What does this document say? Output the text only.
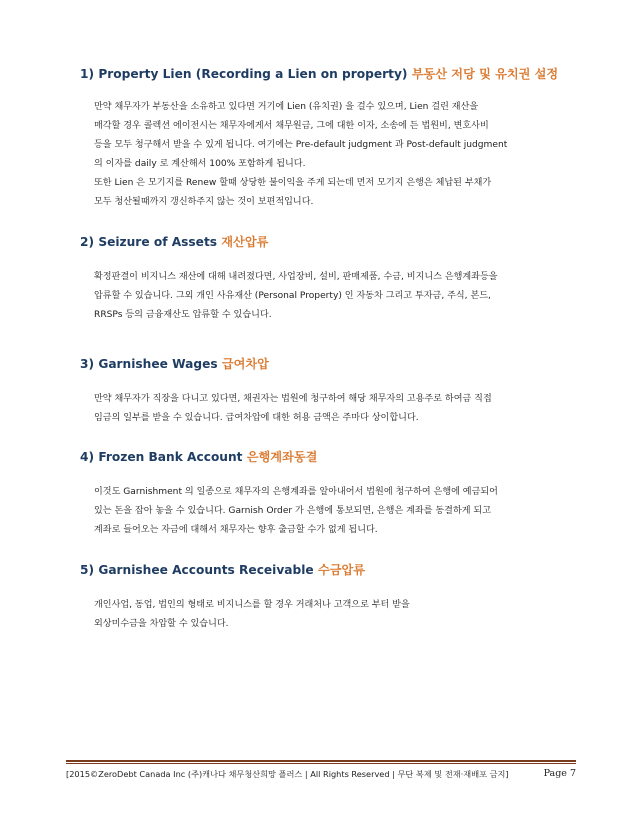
1) Property Lien (Recording a Lien on property) 부동산 저당 및 유치권 설정

만약 채무자가 부동산을 소유하고 있다면 거기에 Lien (유치권) 을 걸수 있으며, Lien 걸린 재산을
매각할 경우 콜렉션 에이전시는 채무자에게서 채무원금, 그에 대한 이자, 소송에 든 법원비, 변호사비
등을 모두 청구해서 받을 수 있게 됩니다. 여기에는 Pre-default judgment 과 Post-default judgment
의 이자를 daily 로 계산해서 100% 포함하게 됩니다.
또한 Lien 은 모기지를 Renew 할때 상당한 불이익을 주게 되는데 먼저 모기지 은행은 체납된 부채가
모두 청산될때까지 갱신하주지 않는 것이 보편적입니다.

2) Seizure of Assets 재산압류

확정판결이 비지니스 재산에 대해 내려졌다면, 사업장비, 설비, 판매제품, 수금, 비지니스 은행계좌등을
압류할 수 있습니다. 그외 개인 사유재산 (Personal Property) 인 자동차 그리고 투자금, 주식, 본드,
RRSPs 등의 금융재산도 압류할 수 있습니다.

3) Garnishee Wages 급여차압

만약 채무자가 직장을 다니고 있다면, 채권자는 법원에 청구하여 해당 채무자의 고용주로 하여금 직접
임금의 일부를 받을 수 있습니다. 급여차압에 대한 허용 금액은 주마다 상이합니다.

4) Frozen Bank Account 은행계좌동결

이것도 Garnishment 의 일종으로 채무자의 은행계좌를 알아내어서 법원에 청구하여 은행에 예금되어
있는 돈을 잡아 놓을 수 있습니다. Garnish Order 가 은행에 통보되면, 은행은 계좌를 동결하게 되고
계좌로 들어오는 자금에 대해서 채무자는 향후 출금할 수가 없게 됩니다.

5) Garnishee Accounts Receivable 수금압류

개인사업, 동업, 법인의 형태로 비지니스를 할 경우 거래처나 고객으로 부터 받을
외상미수금을 차압할 수 있습니다.
[2015©ZeroDebt Canada Inc (주)캐나다 채무청산희망 플러스 | All Rights Reserved | 무단 복제 및 전재·재배포 금지]	Page 7
